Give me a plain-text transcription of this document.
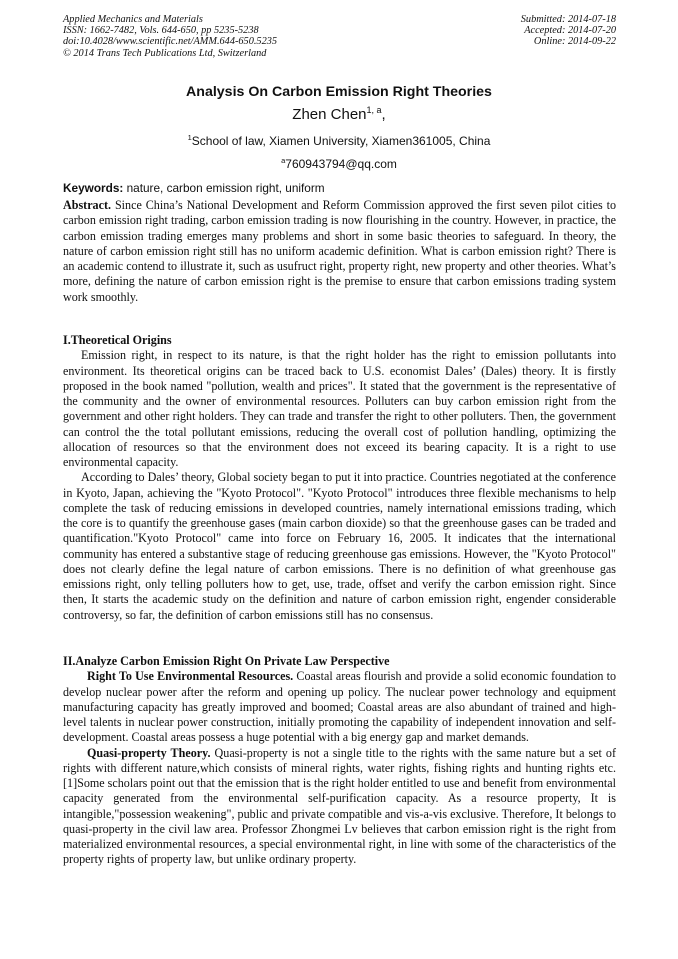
Applied Mechanics and Materials
ISSN: 1662-7482, Vols. 644-650, pp 5235-5238
doi:10.4028/www.scientific.net/AMM.644-650.5235
© 2014 Trans Tech Publications Ltd, Switzerland
Submitted: 2014-07-18
Accepted: 2014-07-20
Online: 2014-09-22
Analysis On Carbon Emission Right Theories
Zhen Chen$^{1, a}$,
$^1$School of law, Xiamen University, Xiamen361005, China
$^a$760943794@qq.com
Keywords: nature, carbon emission right, uniform

Abstract. Since China’s National Development and Reform Commission approved the first seven pilot cities to carbon emission right trading, carbon emission trading is now flourishing in the country. However, in practice, the carbon emission trading emerges many problems and short in some basic theories to safeguard. In theory, the nature of carbon emission right still has no uniform academic definition. What is carbon emission right? There is an academic contend to illustrate it, such as usufruct right, property right, new property and other theories. What’s more, defining the nature of carbon emission right is the premise to ensure that carbon emissions trading system work smoothly.

I.Theoretical Origins

Emission right, in respect to its nature, is that the right holder has the right to emission pollutants into environment. Its theoretical origins can be traced back to U.S. economist Dales’ (Dales) theory. It is firstly proposed in the book named "pollution, wealth and prices". It stated that the government is the representative of the community and the owner of environmental resources. Polluters can buy carbon emission right from the government and other right holders. They can trade and transfer the right to other polluters. Then, the government can control the the total pollutant emissions, reducing the overall cost of pollution handling, optimizing the allocation of resources so that the environment does not exceed its bearing capacity. It is a right to use environmental capacity.

According to Dales’ theory, Global society began to put it into practice. Countries negotiated at the conference in Kyoto, Japan, achieving the "Kyoto Protocol". "Kyoto Protocol" introduces three flexible mechanisms to help complete the task of reducing emissions in developed countries, namely international emissions trading, which the core is to quantify the greenhouse gases (main carbon dioxide) so that the greenhouse gases can be traded and quantification."Kyoto Protocol" came into force on February 16, 2005. It indicates that the international community has entered a substantive stage of reducing greenhouse gas emissions. However, the "Kyoto Protocol" does not clearly define the legal nature of carbon emissions. There is no definition of what greenhouse gas emissions right, only telling polluters how to get, use, trade, offset and verify the carbon emission right. Since then, It starts the academic study on the definition and nature of carbon emission right, engender considerable controversy, so far, the definition of carbon emissions still has no consensus.

II.Analyze Carbon Emission Right On Private Law Perspective

Right To Use Environmental Resources. Coastal areas flourish and provide a solid economic foundation to develop nuclear power after the reform and opening up policy. The nuclear power technology and equipment manufacturing capacity has greatly improved and boomed; Coastal areas are also abundant of trained and high-level talents in nuclear power construction, initially promoting the capability of independent innovation and self-development. Coastal areas possess a huge potential with a big energy gap and market demands.

Quasi-property Theory. Quasi-property is not a single title to the rights with the same nature but a set of rights with different nature,which consists of mineral rights, water rights, fishing rights and hunting rights etc.[1]Some scholars point out that the emission that is the right holder entitled to use and benefit from environmental capacity generated from the environmental self-purification capacity. As a resource property, It is intangible,"possession weakening", public and private compatible and vis-a-vis exclusive. Therefore, It belongs to quasi-property in the civil law area. Professor Zhongmei Lv believes that carbon emission right is the right from materialized environmental resources, a special environmental right, in line with some of the characteristics of the property rights of property law, but unlike ordinary property.
